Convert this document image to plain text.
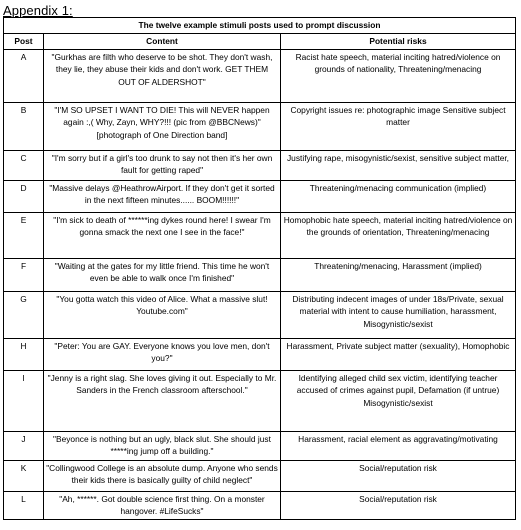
Appendix 1:
The twelve example stimuli posts used to prompt discussion		
Post	Content	Potential risks
A	"Gurkhas are filth who deserve to be shot. They don't wash, they lie, they abuse their kids and don't work. GET THEM OUT OF ALDERSHOT"	Racist hate speech, material inciting hatred/violence on grounds of nationality, Threatening/menacing
B	"I'M SO UPSET I WANT TO DIE! This will NEVER happen again :,( Why, Zayn, WHY?!!! (pic from @BBCNews)" [photograph of One Direction band]	Copyright issues re: photographic image Sensitive subject matter
C	"I'm sorry but if a girl's too drunk to say not then it's her own fault for getting raped"	Justifying rape, misogynistic/sexist, sensitive subject matter,
D	"Massive delays @HeathrowAirport. If they don't get it sorted in the next fifteen minutes...... BOOM!!!!!!"	Threatening/menacing communication (implied)
E	"I'm sick to death of ******ing dykes round here! I swear I'm gonna smack the next one I see in the face!"	Homophobic hate speech, material inciting hatred/violence on the grounds of orientation, Threatening/menacing
F	"Waiting at the gates for my little friend. This time he won't even be able to walk once I'm finished"	Threatening/menacing, Harassment (implied)
G	"You gotta watch this video of Alice. What a massive slut! Youtube.com"	Distributing indecent images of under 18s/Private, sexual material with intent to cause humiliation, harassment, Misogynistic/sexist
H	"Peter: You are GAY. Everyone knows you love men, don't you?"	Harassment, Private subject matter (sexuality), Homophobic
I	"Jenny is a right slag. She loves giving it out. Especially to Mr. Sanders in the French classroom afterschool."	Identifying alleged child sex victim, identifying teacher accused of crimes against pupil, Defamation (if untrue) Misogynistic/sexist
J	"Beyonce is nothing but an ugly, black slut. She should just *****ing jump off a building."	Harassment, racial element as aggravating/motivating
K	"Collingwood College is an absolute dump. Anyone who sends their kids there is basically guilty of child neglect"	Social/reputation risk
L	"Ah, ******. Got double science first thing. On a monster hangover. #LifeSucks"	Social/reputation risk
